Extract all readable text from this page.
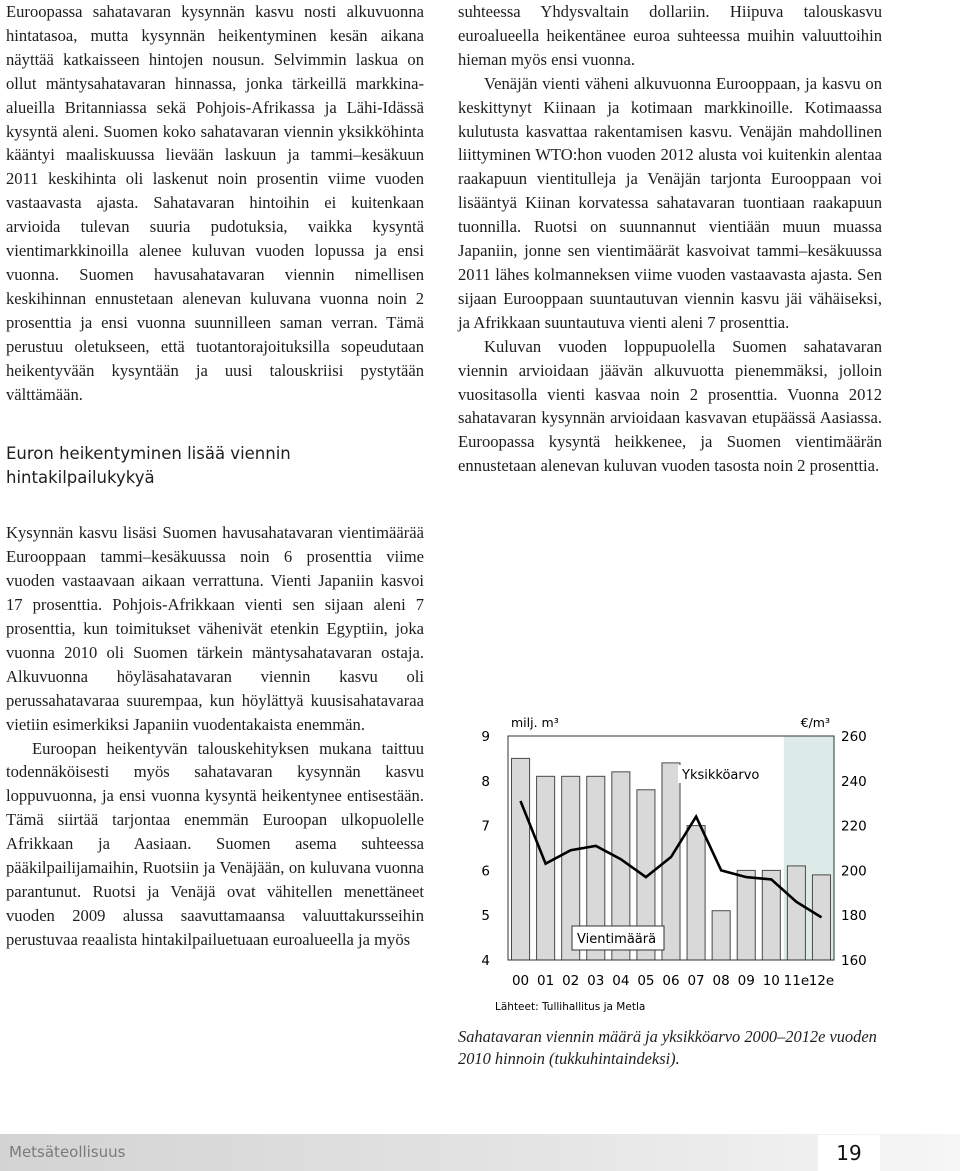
Euroopassa sahatavaran kysynnän kasvu nosti alkuvuonna hintatasoa, mutta kysynnän heikentyminen kesän aikana näyttää katkaisseen hintojen nousun. Selvimmin laskua on ollut mäntysahatavaran hinnassa, jonka tärkeillä markkina-alueilla Britanniassa sekä Pohjois-Afrikassa ja Lähi-Idässä kysyntä aleni. Suomen koko sahatavaran viennin yksikköhinta kääntyi maaliskuussa lievään laskuun ja tammi–kesäkuun 2011 keskihinta oli laskenut noin prosentin viime vuoden vastaavasta ajasta. Sahatavaran hintoihin ei kuitenkaan arvioida tulevan suuria pudotuksia, vaikka kysyntä vientimarkkinoilla alenee kuluvan vuoden lopussa ja ensi vuonna. Suomen havusahatavaran viennin nimellisen keskihinnan ennustetaan alenevan kuluvana vuonna noin 2 prosenttia ja ensi vuonna suunnilleen saman verran. Tämä perustuu oletukseen, että tuotantorajoituksilla sopeudutaan heikentyvään kysyntään ja uusi talouskriisi pystytään välttämään.

Euron heikentyminen lisää viennin hintakilpailukykyä

Kysynnän kasvu lisäsi Suomen havusahatavaran vientimäärää Eurooppaan tammi–kesäkuussa noin 6 prosenttia viime vuoden vastaavaan aikaan verrattuna. Vienti Japaniin kasvoi 17 prosenttia. Pohjois-Afrikkaan vienti sen sijaan aleni 7 prosenttia, kun toimitukset vähenivät etenkin Egyptiin, joka vuonna 2010 oli Suomen tärkein mäntysahatavaran ostaja. Alkuvuonna höyläsahatavaran viennin kasvu oli perussahatavaraa suurempaa, kun höylättyä kuusisahatavaraa vietiin esimerkiksi Japaniin vuodentakaista enemmän.

Euroopan heikentyvän talouskehityksen mukana taittuu todennäköisesti myös sahatavaran kysynnän kasvu loppuvuonna, ja ensi vuonna kysyntä heikentynee entisestään. Tämä siirtää tarjontaa enemmän Euroopan ulkopuolelle Afrikkaan ja Aasiaan. Suomen asema suhteessa pääkilpailijamaihin, Ruotsiin ja Venäjään, on kuluvana vuonna parantunut. Ruotsi ja Venäjä ovat vähitellen menettäneet vuoden 2009 alussa saavuttamaansa valuuttakursseihin perustuvaa reaalista hintakilpailuetuaan euroalueella ja myös

suhteessa Yhdysvaltain dollariin. Hiipuva talouskasvu euroalueella heikentänee euroa suhteessa muihin valuuttoihin hieman myös ensi vuonna.

Venäjän vienti väheni alkuvuonna Eurooppaan, ja kasvu on keskittynyt Kiinaan ja kotimaan markkinoille. Kotimaassa kulutusta kasvattaa rakentamisen kasvu. Venäjän mahdollinen liittyminen WTO:hon vuoden 2012 alusta voi kuitenkin alentaa raakapuun vientitulleja ja Venäjän tarjonta Eurooppaan voi lisääntyä Kiinan korvatessa sahatavaran tuontiaan raakapuun tuonnilla. Ruotsi on suunnannut vientiään muun muassa Japaniin, jonne sen vientimäärät kasvoivat tammi–kesäkuussa 2011 lähes kolmanneksen viime vuoden vastaavasta ajasta. Sen sijaan Eurooppaan suuntautuvan viennin kasvu jäi vähäiseksi, ja Afrikkaan suuntautuva vienti aleni 7 prosenttia.

Kuluvan vuoden loppupuolella Suomen sahatavaran viennin arvioidaan jäävän alkuvuotta pienemmäksi, jolloin vuositasolla vienti kasvaa noin 2 prosenttia. Vuonna 2012 sahatavaran kysynnän arvioidaan kasvavan etupäässä Aasiassa. Euroopassa kysyntä heikkenee, ja Suomen vientimäärän ennustetaan alenevan kuluvan vuoden tasosta noin 2 prosenttia.

9
8
7
6
5
4
260
240
220
200
180
160
00 01 02 03 04 05 06 07 08 09 10 11e 12e
milj. m³	€/m³
Yksikköarvo
Vientimäärä
Lähteet: Tullihallitus ja Metla
Sahatavaran viennin määrä ja yksikköarvo 2000–2012e vuoden 2010 hinnoin (tukkuhintaindeksi).
Metsäteollisuus	19
